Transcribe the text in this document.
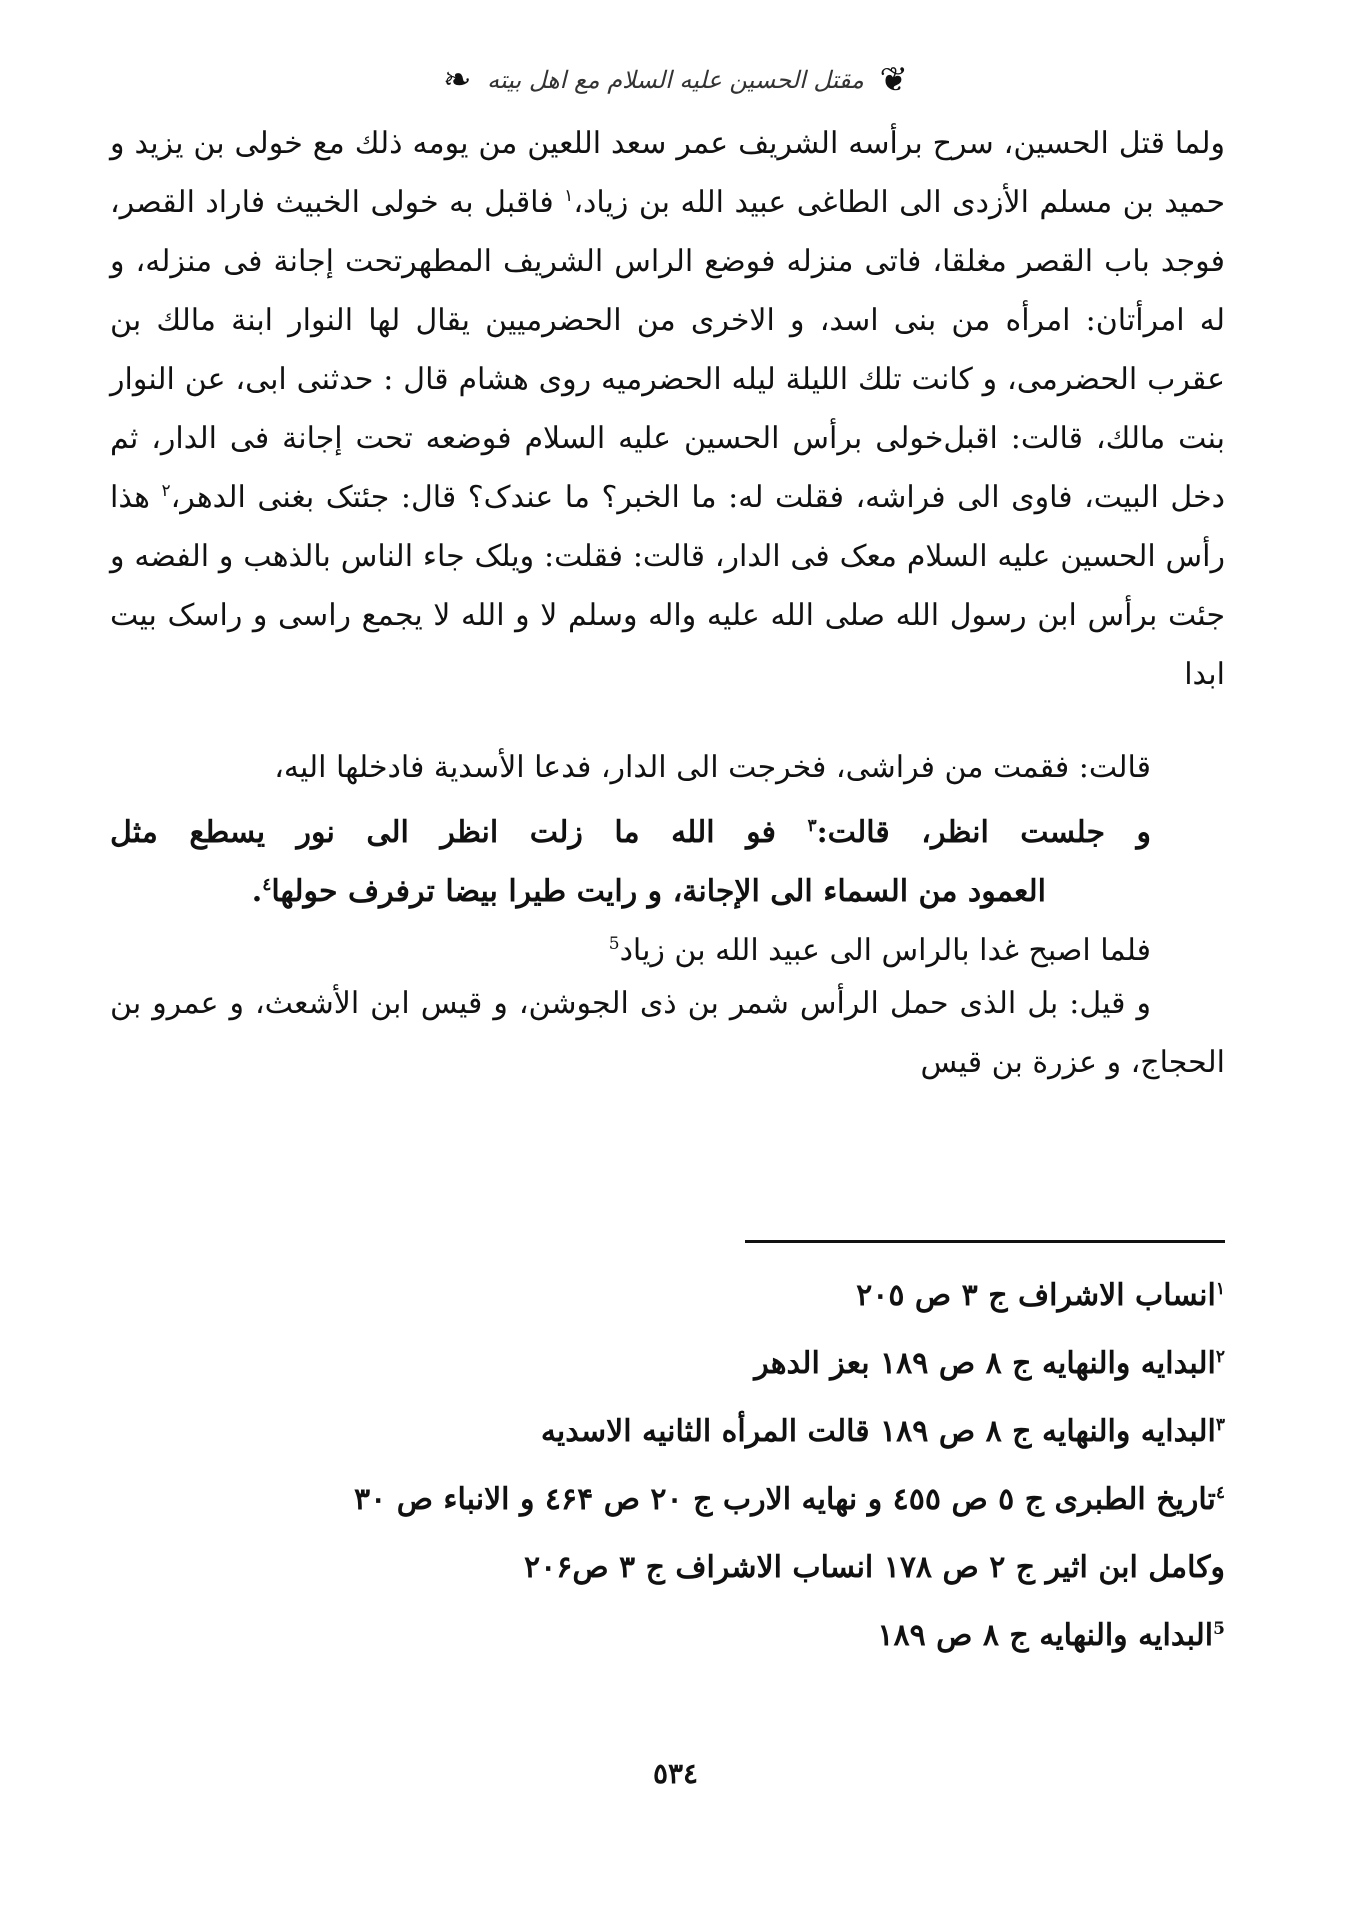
❦ مقتل الحسين عليه السلام مع اهل بيته ❧

ولما قتل الحسين، سرح برأسه الشريف عمر سعد اللعين من يومه ذلك مع خولى بن يزيد و حميد بن مسلم الأزدى الى الطاغى عبيد الله بن زياد،$^١$ فاقبل به خولى الخبيث فاراد القصر، فوجد باب القصر مغلقا، فاتى منزله فوضع الراس الشريف المطهرتحت إجانة فى منزله، و له امرأتان: امرأه من بنى اسد، و الاخرى من الحضرميين يقال لها النوار ابنة مالك بن عقرب الحضرمى، و كانت تلك الليلة ليله الحضرميه روى هشام قال : حدثنى ابى، عن النوار بنت مالك، قالت: اقبل‌خولى برأس الحسين عليه السلام فوضعه تحت إجانة فى الدار، ثم دخل البيت، فاوى الى فراشه، فقلت له: ما الخبر؟ ما عندک؟ قال: جئتک بغنى الدهر،$^٢$ هذا رأس الحسين عليه السلام معک فى الدار، قالت: فقلت: ويلک جاء الناس بالذهب و الفضه و جئت برأس ابن رسول الله صلى الله عليه واله وسلم لا و الله لا يجمع راسى و راسک بيت ابدا

قالت: فقمت من فراشى، فخرجت الى الدار، فدعا الأسدية فادخلها اليه،
و جلست انظر، قالت:$^٣$ فو الله ما زلت انظر الى نور يسطع مثل
العمود من السماء الى الإجانة، و رايت طيرا بيضا ترفرف حولها$^٤$.
فلما اصبح غدا بالراس الى عبيد الله بن زياد$^5$
و قيل: بل الذى حمل الرأس شمر بن ذى الجوشن، و قيس ابن الأشعث، و عمرو بن
الحجاج، و عزرة بن قيس
$^١$انساب الاشراف ج ٣ ص ٢٠٥
$^٢$البدايه والنهايه ج ٨ ص ١٨٩ بعز الدهر
$^٣$البدايه والنهايه ج ٨ ص ١٨٩ قالت المرأه الثانيه الاسديه
$^٤$تاريخ الطبرى ج ٥ ص ٤٥٥ و نهايه الارب ج ٢٠ ص ٤۶۴ و الانباء ص ٣٠
وكامل ابن اثير ج ٢ ص ١٧٨ انساب الاشراف ج ٣ ص٢٠۶
$^5$البدايه والنهايه ج ٨ ص ١٨٩
٥٣٤
